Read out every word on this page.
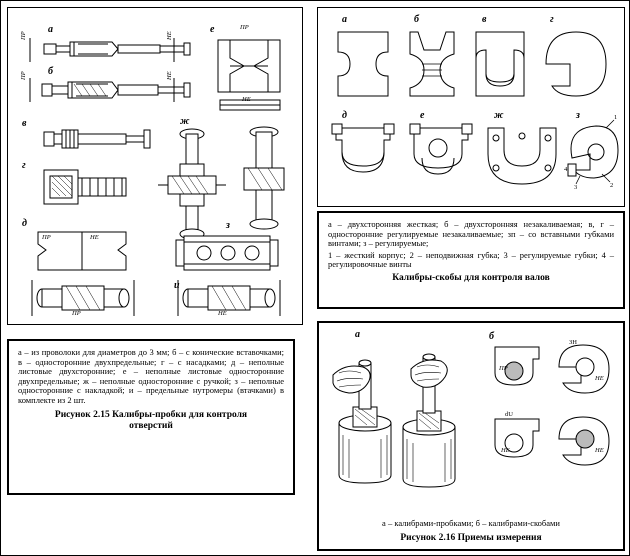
а
б
в
г
д
е
ж
з
и
ПР	НЕ
ПР	НЕ
ПР
НЕ
ПР	НЕ
ПР	НЕ
а	б	в	г
д	е	ж	з	1
2
3
4
а – двухсторонняя жесткая; б – двухсторонняя незакаливаемая; в, г – односторонние регулируемые незакаливаемые; зп – со вставными губками винтами; з – регулируемые;
1 – жесткий корпус; 2 – неподвижная губка; 3 – регулируемые губки; 4 – регулировочные винты
Калибры-скобы для контроля валов
а – из проволоки для диаметров до 3 мм; б – с конические вставочками; в – односторонние двухпредельные; г – с насадками; д – неполные листовые двухсторонние; е – неполные листовые односторонние двухпредельные; ж – неполные односторонние с ручкой; з – неполные односторонние с накладкой; и – предельные нутромеры (втачками) в комплекте из 2 шт.
Рисунок 2.15 Калибры-пробки для контроля
отверстий
а	б
ЗН
dU
ПР
НЕ
НЕ	НЕ
а – калибрами-пробками; б – калибрами-скобами
Рисунок 2.16 Приемы измерения
